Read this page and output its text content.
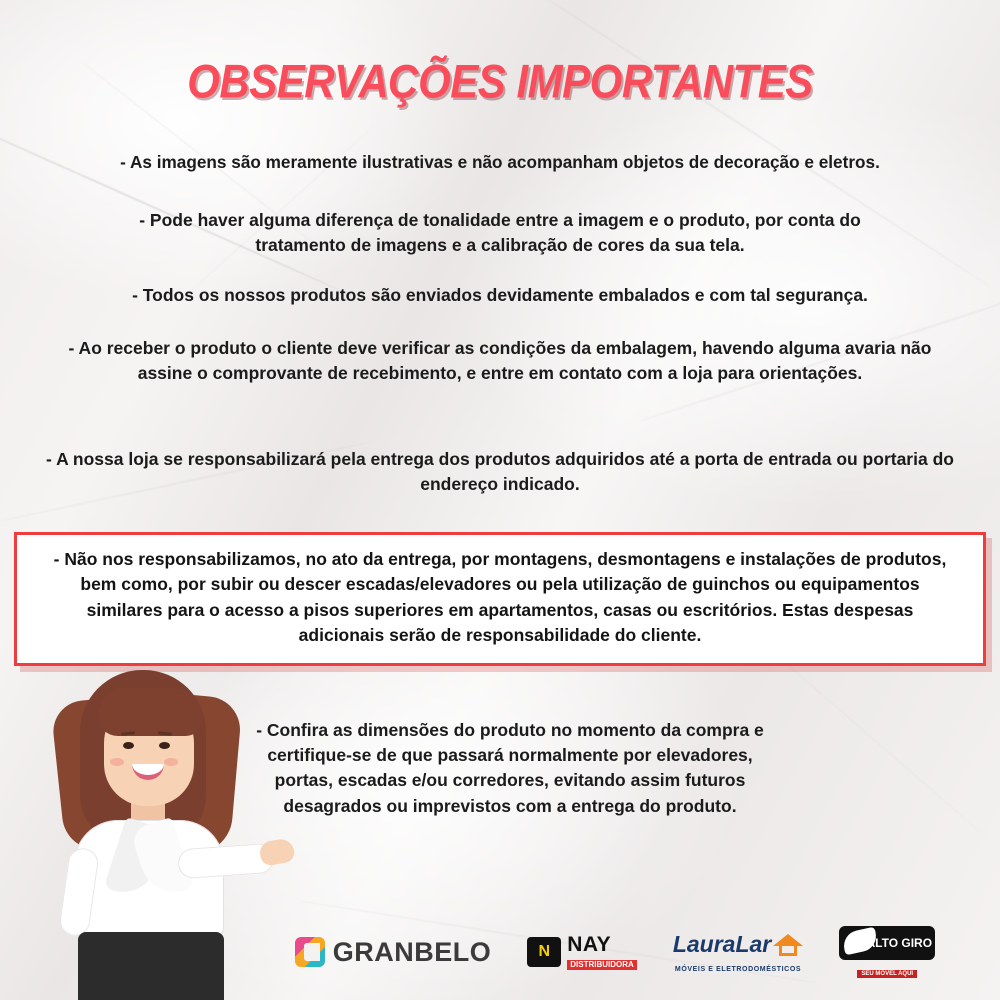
OBSERVAÇÕES IMPORTANTES
- As imagens são meramente ilustrativas e não acompanham objetos de decoração e eletros.
- Pode haver alguma diferença de tonalidade entre a imagem e o produto, por conta do tratamento de imagens e a calibração de cores da sua tela.
- Todos os nossos produtos são enviados devidamente embalados e com tal segurança.
- Ao receber o produto o cliente deve verificar as condições da embalagem, havendo alguma avaria não assine o comprovante de recebimento, e entre em contato com a loja para orientações.
- A nossa loja se responsabilizará pela entrega dos produtos adquiridos até a porta de entrada ou portaria do endereço indicado.
- Não nos responsabilizamos, no ato da entrega, por montagens, desmontagens e instalações de produtos, bem como, por subir ou descer escadas/elevadores ou pela utilização de guinchos ou equipamentos similares para o acesso a pisos superiores em apartamentos, casas ou escritórios. Estas despesas adicionais serão de responsabilidade do cliente.
- Confira as dimensões do produto no momento da compra e certifique-se de que passará normalmente por elevadores, portas, escadas e/ou corredores, evitando assim futuros desagrados ou imprevistos com a entrega do produto.
GRANBELO	N NAY
DISTRIBUIDORA
LauraLar
MÓVEIS E ELETRODOMÉSTICOS
ALTO GIRO
SEU MÓVEL AQUI
